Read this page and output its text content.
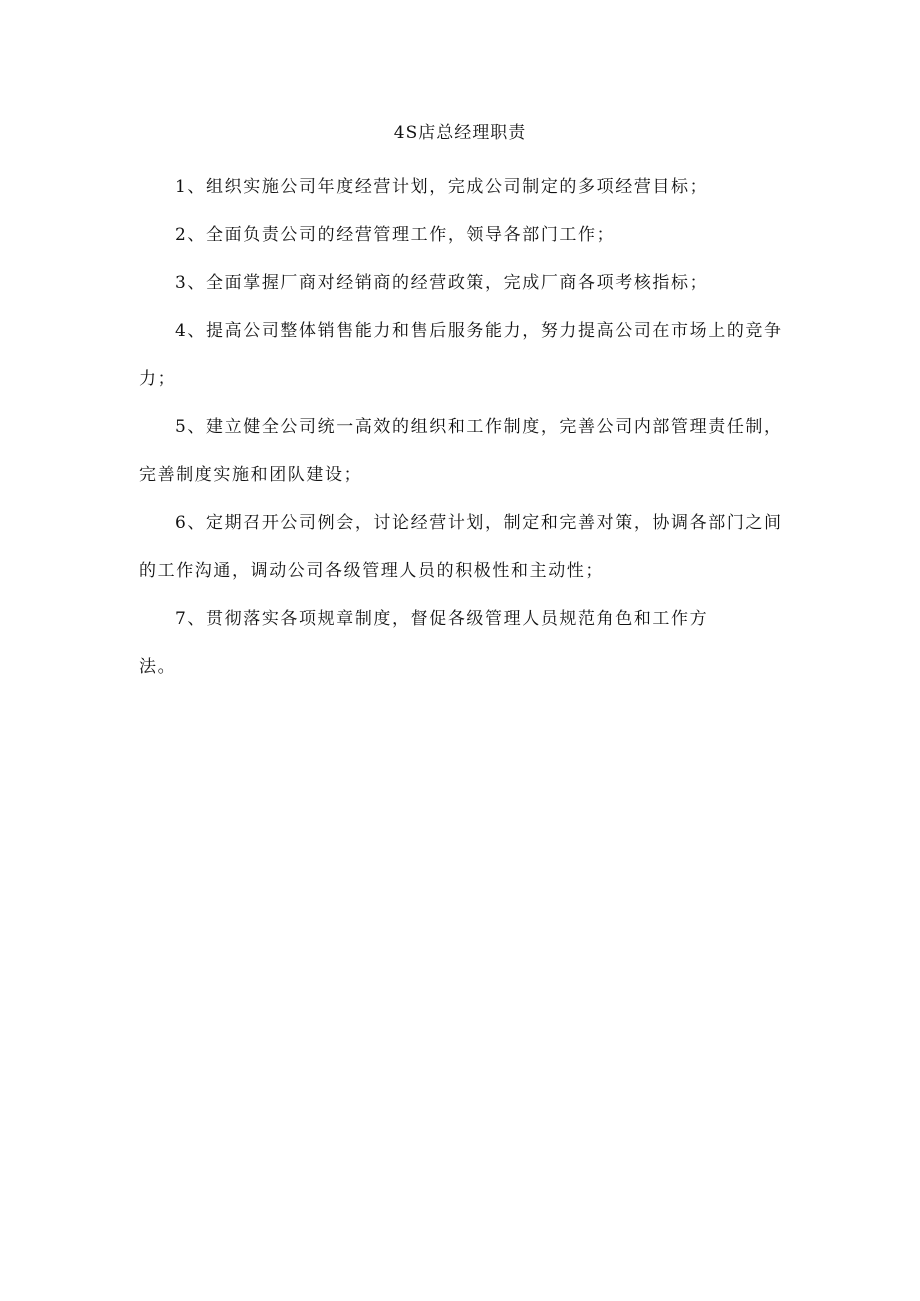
4S店总经理职责

1、组织实施公司年度经营计划，完成公司制定的多项经营目标；

2、全面负责公司的经营管理工作，领导各部门工作；

3、全面掌握厂商对经销商的经营政策，完成厂商各项考核指标；

4、提高公司整体销售能力和售后服务能力，努力提高公司在市场上的竞争力；

5、建立健全公司统一高效的组织和工作制度，完善公司内部管理责任制，完善制度实施和团队建设；

6、定期召开公司例会，讨论经营计划，制定和完善对策，协调各部门之间的工作沟通，调动公司各级管理人员的积极性和主动性；

7、贯彻落实各项规章制度，督促各级管理人员规范角色和工作方法。
